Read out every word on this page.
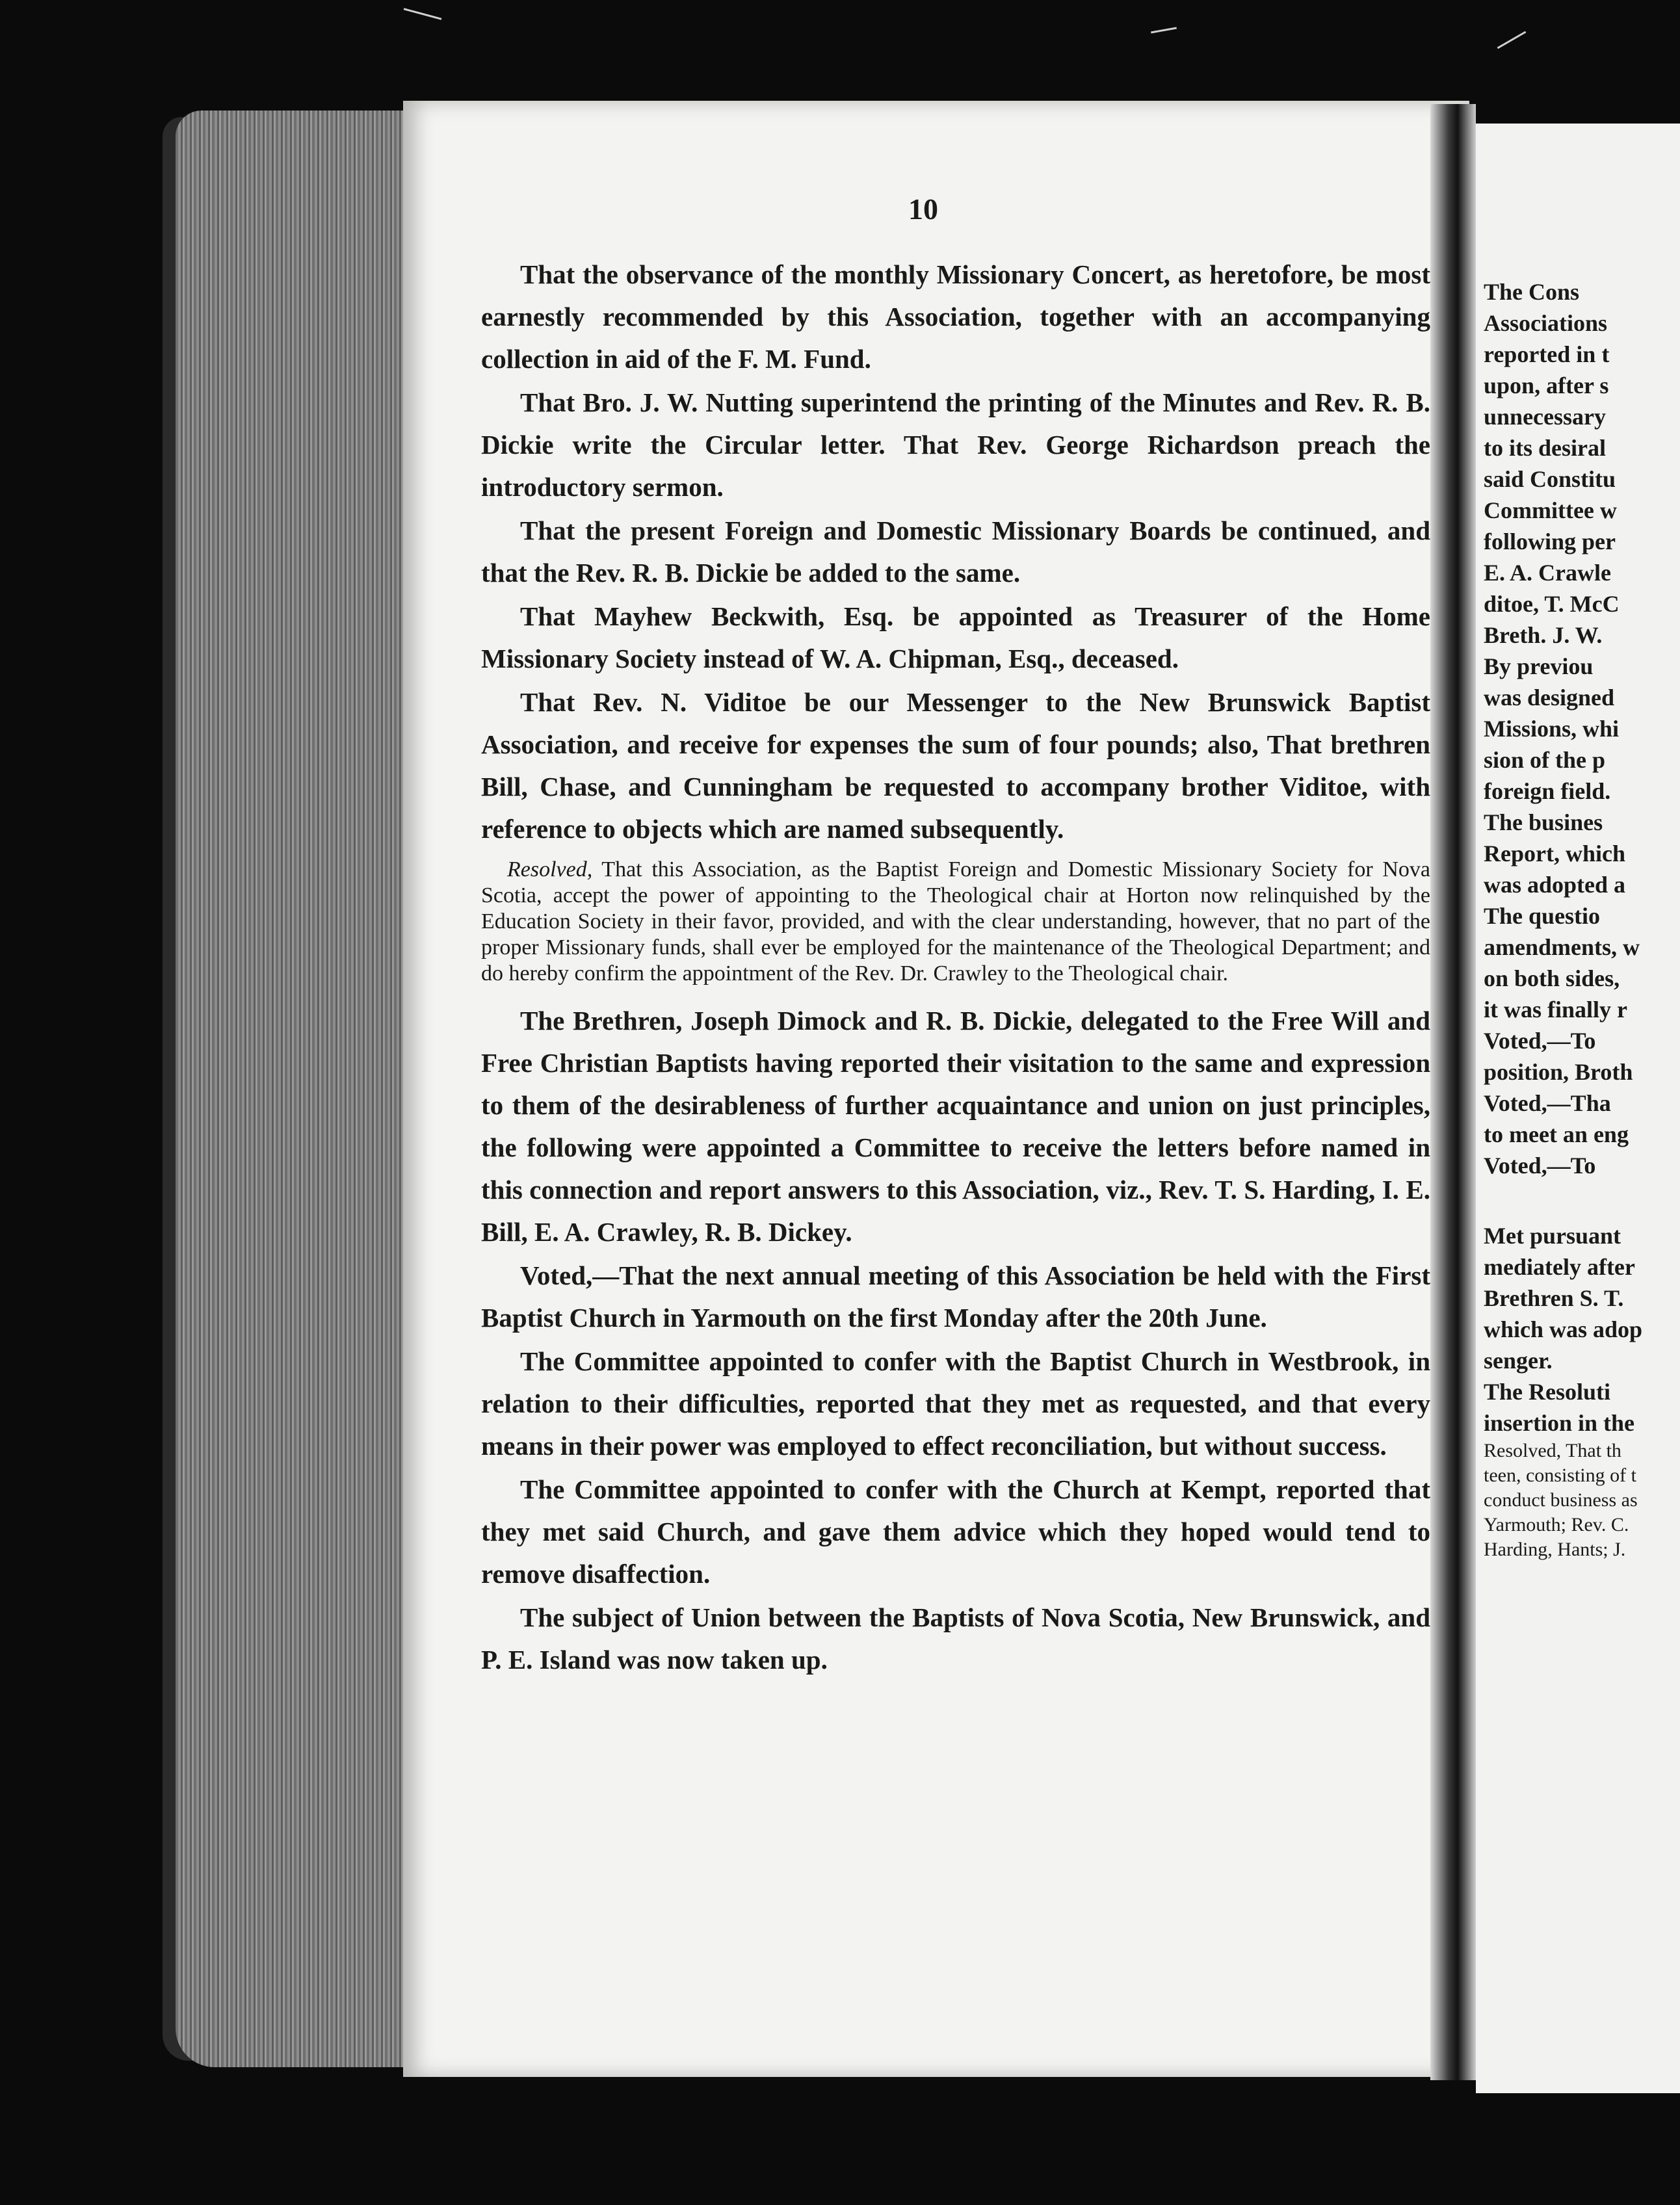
10

That the observance of the monthly Missionary Concert, as heretofore, be most earnestly recommended by this Association, together with an accompanying collection in aid of the F. M. Fund.

That Bro. J. W. Nutting superintend the printing of the Minutes and Rev. R. B. Dickie write the Circular letter. That Rev. George Richardson preach the introductory sermon.

That the present Foreign and Domestic Missionary Boards be continued, and that the Rev. R. B. Dickie be added to the same.

That Mayhew Beckwith, Esq. be appointed as Treasurer of the Home Missionary Society instead of W. A. Chipman, Esq., deceased.

That Rev. N. Viditoe be our Messenger to the New Brunswick Baptist Association, and receive for expenses the sum of four pounds; also, That brethren Bill, Chase, and Cunningham be requested to accompany brother Viditoe, with reference to objects which are named subsequently.

Resolved, That this Association, as the Baptist Foreign and Domestic Missionary Society for Nova Scotia, accept the power of appointing to the Theological chair at Horton now relinquished by the Education Society in their favor, provided, and with the clear understanding, however, that no part of the proper Missionary funds, shall ever be employed for the maintenance of the Theological Department; and do hereby confirm the appointment of the Rev. Dr. Crawley to the Theological chair.

The Brethren, Joseph Dimock and R. B. Dickie, delegated to the Free Will and Free Christian Baptists having reported their visitation to the same and expression to them of the desirableness of further acquaintance and union on just principles, the following were appointed a Committee to receive the letters before named in this connection and report answers to this Association, viz., Rev. T. S. Harding, I. E. Bill, E. A. Crawley, R. B. Dickey.

Voted,—That the next annual meeting of this Association be held with the First Baptist Church in Yarmouth on the first Monday after the 20th June.

The Committee appointed to confer with the Baptist Church in Westbrook, in relation to their difficulties, reported that they met as requested, and that every means in their power was employed to effect reconciliation, but without success.

The Committee appointed to confer with the Church at Kempt, reported that they met said Church, and gave them advice which they hoped would tend to remove disaffection.

The subject of Union between the Baptists of Nova Scotia, New Brunswick, and P. E. Island was now taken up.

The Cons
Associations
reported in t
upon, after s
unnecessary
to its desiral
said Constitu
Committee w
following per
E. A. Crawle
ditoe, T. McC
Breth. J. W.
By previou
was designed
Missions, whi
sion of the p
foreign field.
The busines
Report, which
was adopted a
The questio
amendments, w
on both sides,
it was finally r
Voted,—To
position, Broth
Voted,—Tha
to meet an eng
Voted,—To
Met pursuant
mediately after
Brethren S. T.
which was adop
senger.
The Resoluti
insertion in the
Resolved, That th
teen, consisting of t
conduct business as
Yarmouth; Rev. C.
Harding, Hants; J.
